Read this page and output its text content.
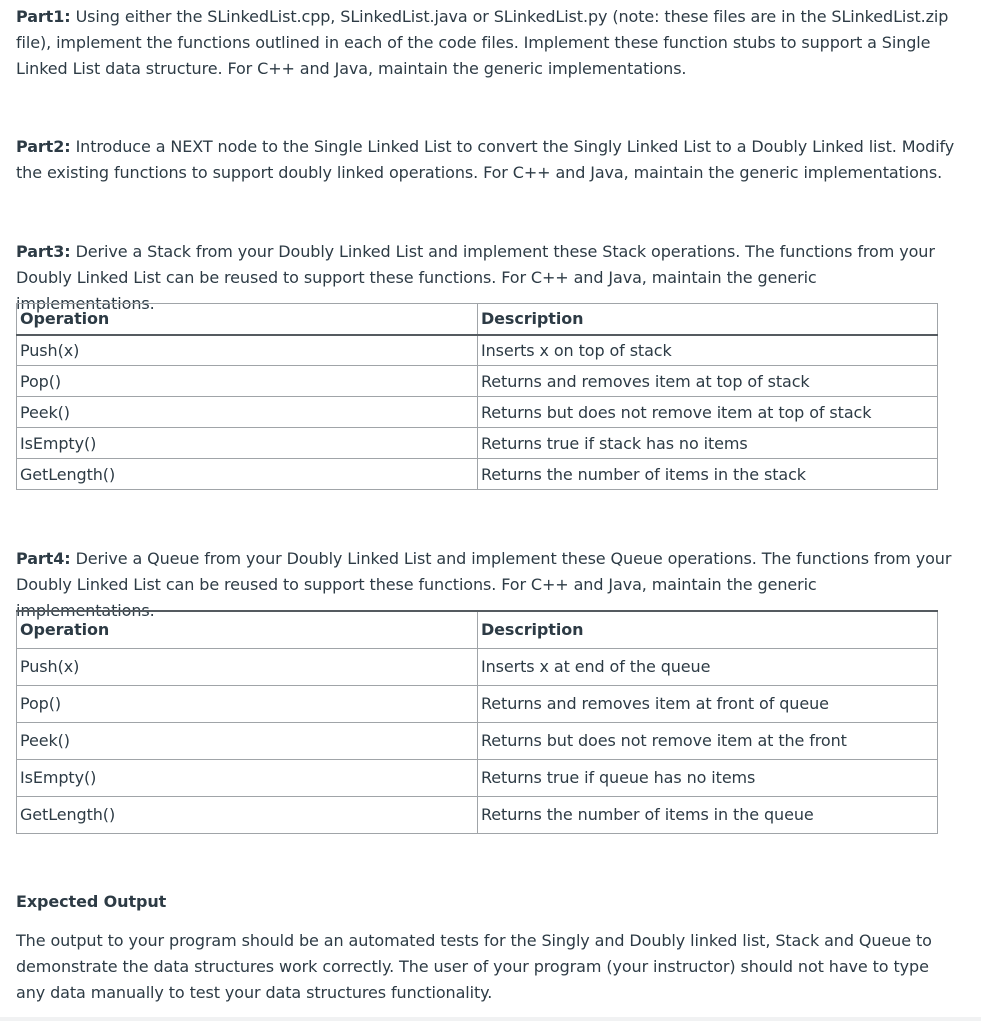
Part1: Using either the SLinkedList.cpp, SLinkedList.java or SLinkedList.py (note: these files are in the SLinkedList.zip file), implement the functions outlined in each of the code files. Implement these function stubs to support a Single Linked List data structure. For C++ and Java, maintain the generic implementations.

Part2: Introduce a NEXT node to the Single Linked List to convert the Singly Linked List to a Doubly Linked list. Modify the existing functions to support doubly linked operations. For C++ and Java, maintain the generic implementations.

Part3: Derive a Stack from your Doubly Linked List and implement these Stack operations. The functions from your Doubly Linked List can be reused to support these functions. For C++ and Java, maintain the generic implementations.

Operation	Description
Push(x)	Inserts x on top of stack
Pop()	Returns and removes item at top of stack
Peek()	Returns but does not remove item at top of stack
IsEmpty()	Returns true if stack has no items
GetLength()	Returns the number of items in the stack

Part4: Derive a Queue from your Doubly Linked List and implement these Queue operations. The functions from your Doubly Linked List can be reused to support these functions. For C++ and Java, maintain the generic implementations.

Operation	Description
Push(x)	Inserts x at end of the queue
Pop()	Returns and removes item at front of queue
Peek()	Returns but does not remove item at the front
IsEmpty()	Returns true if queue has no items
GetLength()	Returns the number of items in the queue

Expected Output

The output to your program should be an automated tests for the Singly and Doubly linked list, Stack and Queue to demonstrate the data structures work correctly. The user of your program (your instructor) should not have to type any data manually to test your data structures functionality.
